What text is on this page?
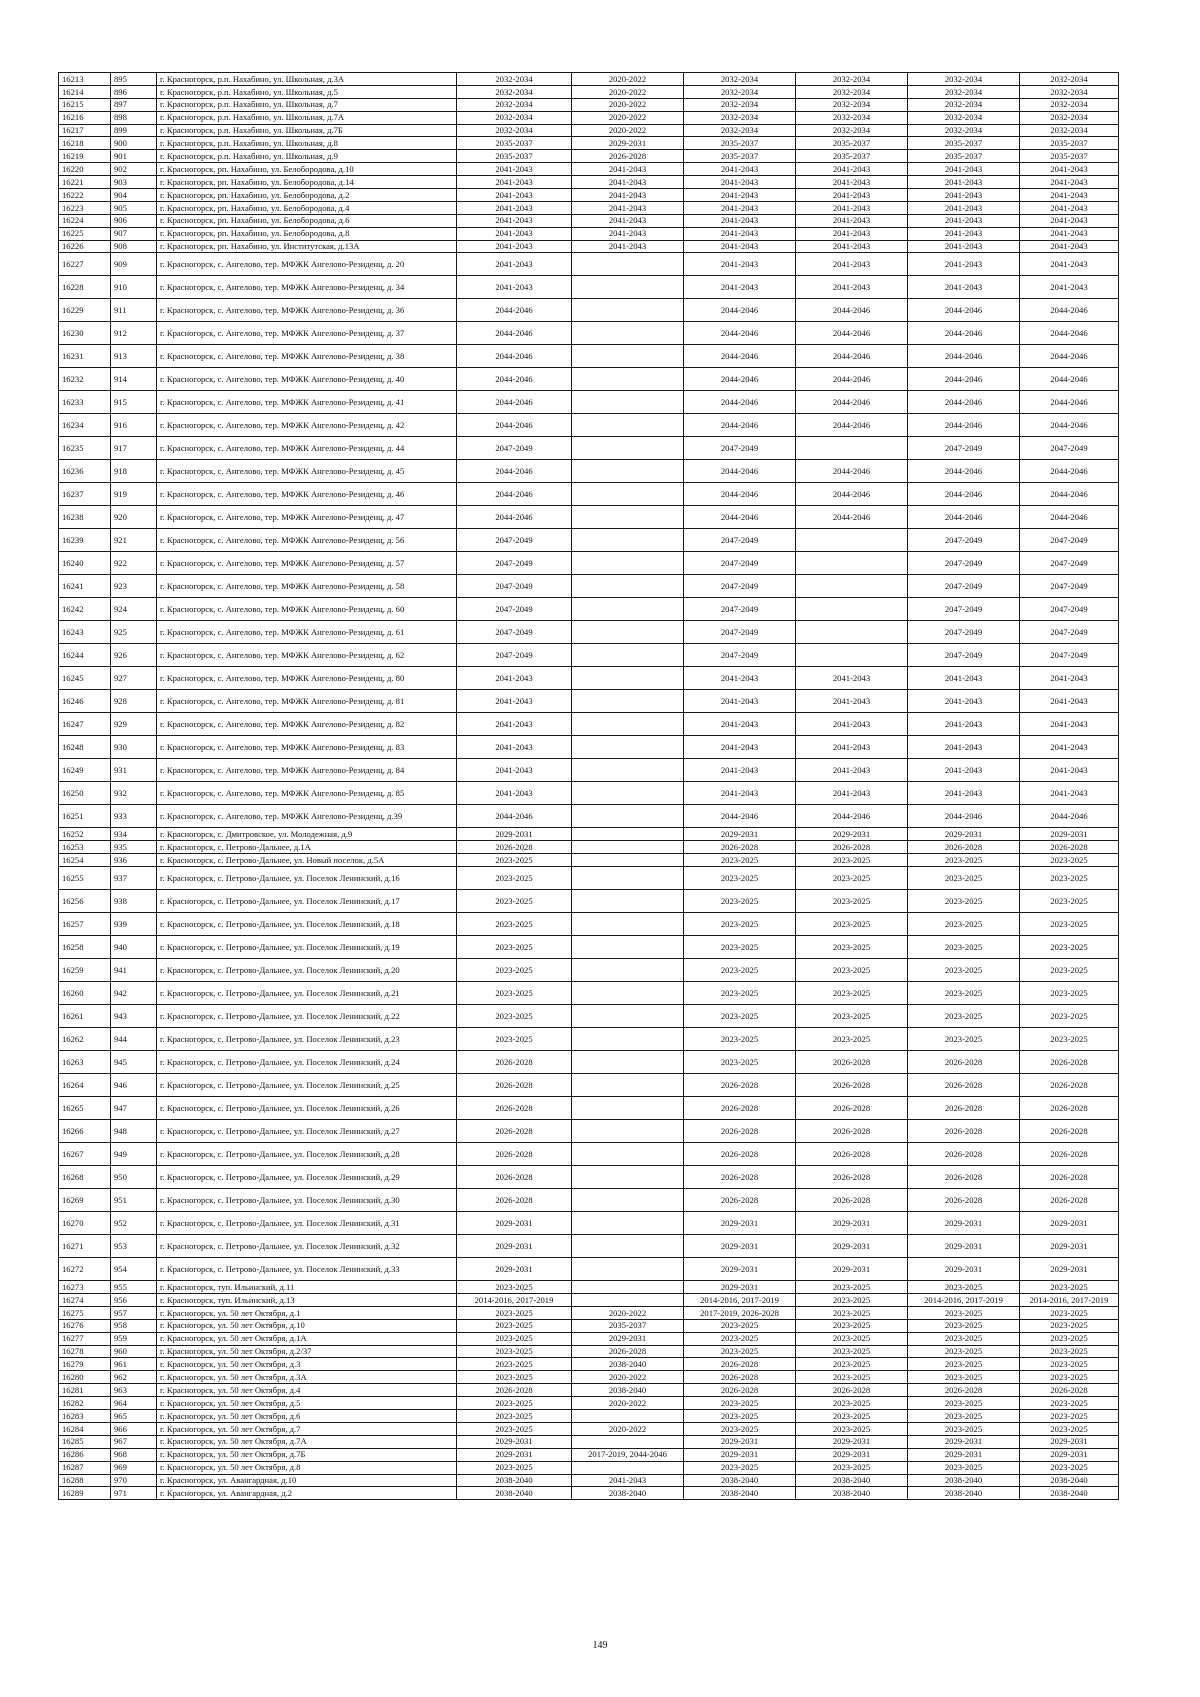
16213	895	г. Красногорск, р.п. Нахабино, ул. Школьная, д.3А	2032-2034	2020-2022	2032-2034	2032-2034	2032-2034	2032-2034
16214	896	г. Красногорск, р.п. Нахабино, ул. Школьная, д.5	2032-2034	2020-2022	2032-2034	2032-2034	2032-2034	2032-2034
16215	897	г. Красногорск, р.п. Нахабино, ул. Школьная, д.7	2032-2034	2020-2022	2032-2034	2032-2034	2032-2034	2032-2034
16216	898	г. Красногорск, р.п. Нахабино, ул. Школьная, д.7А	2032-2034	2020-2022	2032-2034	2032-2034	2032-2034	2032-2034
16217	899	г. Красногорск, р.п. Нахабино, ул. Школьная, д.7Б	2032-2034	2020-2022	2032-2034	2032-2034	2032-2034	2032-2034
16218	900	г. Красногорск, р.п. Нахабино, ул. Школьная, д.8	2035-2037	2029-2031	2035-2037	2035-2037	2035-2037	2035-2037
16219	901	г. Красногорск, р.п. Нахабино, ул. Школьная, д.9	2035-2037	2026-2028	2035-2037	2035-2037	2035-2037	2035-2037
16220	902	г. Красногорск, рп. Нахабино, ул. Белобородова, д.10	2041-2043	2041-2043	2041-2043	2041-2043	2041-2043	2041-2043
16221	903	г. Красногорск, рп. Нахабино, ул. Белобородова, д.14	2041-2043	2041-2043	2041-2043	2041-2043	2041-2043	2041-2043
16222	904	г. Красногорск, рп. Нахабино, ул. Белобородова, д.2	2041-2043	2041-2043	2041-2043	2041-2043	2041-2043	2041-2043
16223	905	г. Красногорск, рп. Нахабино, ул. Белобородова, д.4	2041-2043	2041-2043	2041-2043	2041-2043	2041-2043	2041-2043
16224	906	г. Красногорск, рп. Нахабино, ул. Белобородова, д.6	2041-2043	2041-2043	2041-2043	2041-2043	2041-2043	2041-2043
16225	907	г. Красногорск, рп. Нахабино, ул. Белобородова, д.8	2041-2043	2041-2043	2041-2043	2041-2043	2041-2043	2041-2043
16226	908	г. Красногорск, рп. Нахабино, ул. Институтская, д.13А	2041-2043	2041-2043	2041-2043	2041-2043	2041-2043	2041-2043
16227	909	г. Красногорск, с. Ангелово, тер. МФЖК Ангелово-Резиденц, д. 20	2041-2043		2041-2043	2041-2043	2041-2043	2041-2043
16228	910	г. Красногорск, с. Ангелово, тер. МФЖК Ангелово-Резиденц, д. 34	2041-2043		2041-2043	2041-2043	2041-2043	2041-2043
16229	911	г. Красногорск, с. Ангелово, тер. МФЖК Ангелово-Резиденц, д. 36	2044-2046		2044-2046	2044-2046	2044-2046	2044-2046
16230	912	г. Красногорск, с. Ангелово, тер. МФЖК Ангелово-Резиденц, д. 37	2044-2046		2044-2046	2044-2046	2044-2046	2044-2046
16231	913	г. Красногорск, с. Ангелово, тер. МФЖК Ангелово-Резиденц, д. 38	2044-2046		2044-2046	2044-2046	2044-2046	2044-2046
16232	914	г. Красногорск, с. Ангелово, тер. МФЖК Ангелово-Резиденц, д. 40	2044-2046		2044-2046	2044-2046	2044-2046	2044-2046
16233	915	г. Красногорск, с. Ангелово, тер. МФЖК Ангелово-Резиденц, д. 41	2044-2046		2044-2046	2044-2046	2044-2046	2044-2046
16234	916	г. Красногорск, с. Ангелово, тер. МФЖК Ангелово-Резиденц, д. 42	2044-2046		2044-2046	2044-2046	2044-2046	2044-2046
16235	917	г. Красногорск, с. Ангелово, тер. МФЖК Ангелово-Резиденц, д. 44	2047-2049		2047-2049		2047-2049	2047-2049
16236	918	г. Красногорск, с. Ангелово, тер. МФЖК Ангелово-Резиденц, д. 45	2044-2046		2044-2046	2044-2046	2044-2046	2044-2046
16237	919	г. Красногорск, с. Ангелово, тер. МФЖК Ангелово-Резиденц, д. 46	2044-2046		2044-2046	2044-2046	2044-2046	2044-2046
16238	920	г. Красногорск, с. Ангелово, тер. МФЖК Ангелово-Резиденц, д. 47	2044-2046		2044-2046	2044-2046	2044-2046	2044-2046
16239	921	г. Красногорск, с. Ангелово, тер. МФЖК Ангелово-Резиденц, д. 56	2047-2049		2047-2049		2047-2049	2047-2049
16240	922	г. Красногорск, с. Ангелово, тер. МФЖК Ангелово-Резиденц, д. 57	2047-2049		2047-2049		2047-2049	2047-2049
16241	923	г. Красногорск, с. Ангелово, тер. МФЖК Ангелово-Резиденц, д. 58	2047-2049		2047-2049		2047-2049	2047-2049
16242	924	г. Красногорск, с. Ангелово, тер. МФЖК Ангелово-Резиденц, д. 60	2047-2049		2047-2049		2047-2049	2047-2049
16243	925	г. Красногорск, с. Ангелово, тер. МФЖК Ангелово-Резиденц, д. 61	2047-2049		2047-2049		2047-2049	2047-2049
16244	926	г. Красногорск, с. Ангелово, тер. МФЖК Ангелово-Резиденц, д. 62	2047-2049		2047-2049		2047-2049	2047-2049
16245	927	г. Красногорск, с. Ангелово, тер. МФЖК Ангелово-Резиденц, д. 80	2041-2043		2041-2043	2041-2043	2041-2043	2041-2043
16246	928	г. Красногорск, с. Ангелово, тер. МФЖК Ангелово-Резиденц, д. 81	2041-2043		2041-2043	2041-2043	2041-2043	2041-2043
16247	929	г. Красногорск, с. Ангелово, тер. МФЖК Ангелово-Резиденц, д. 82	2041-2043		2041-2043	2041-2043	2041-2043	2041-2043
16248	930	г. Красногорск, с. Ангелово, тер. МФЖК Ангелово-Резиденц, д. 83	2041-2043		2041-2043	2041-2043	2041-2043	2041-2043
16249	931	г. Красногорск, с. Ангелово, тер. МФЖК Ангелово-Резиденц, д. 84	2041-2043		2041-2043	2041-2043	2041-2043	2041-2043
16250	932	г. Красногорск, с. Ангелово, тер. МФЖК Ангелово-Резиденц, д. 85	2041-2043		2041-2043	2041-2043	2041-2043	2041-2043
16251	933	г. Красногорск, с. Ангелово, тер. МФЖК Ангелово-Резиденц, д.39	2044-2046		2044-2046	2044-2046	2044-2046	2044-2046
16252	934	г. Красногорск, с. Дмитровское, ул. Молодежная, д.9	2029-2031		2029-2031	2029-2031	2029-2031	2029-2031
16253	935	г. Красногорск, с. Петрово-Дальнее, д.1А	2026-2028		2026-2028	2026-2028	2026-2028	2026-2028
16254	936	г. Красногорск, с. Петрово-Дальнее, ул. Новый поселок, д.5А	2023-2025		2023-2025	2023-2025	2023-2025	2023-2025
16255	937	г. Красногорск, с. Петрово-Дальнее, ул. Поселок Ленинский, д.16	2023-2025		2023-2025	2023-2025	2023-2025	2023-2025
16256	938	г. Красногорск, с. Петрово-Дальнее, ул. Поселок Ленинский, д.17	2023-2025		2023-2025	2023-2025	2023-2025	2023-2025
16257	939	г. Красногорск, с. Петрово-Дальнее, ул. Поселок Ленинский, д.18	2023-2025		2023-2025	2023-2025	2023-2025	2023-2025
16258	940	г. Красногорск, с. Петрово-Дальнее, ул. Поселок Ленинский, д.19	2023-2025		2023-2025	2023-2025	2023-2025	2023-2025
16259	941	г. Красногорск, с. Петрово-Дальнее, ул. Поселок Ленинский, д.20	2023-2025		2023-2025	2023-2025	2023-2025	2023-2025
16260	942	г. Красногорск, с. Петрово-Дальнее, ул. Поселок Ленинский, д.21	2023-2025		2023-2025	2023-2025	2023-2025	2023-2025
16261	943	г. Красногорск, с. Петрово-Дальнее, ул. Поселок Ленинский, д.22	2023-2025		2023-2025	2023-2025	2023-2025	2023-2025
16262	944	г. Красногорск, с. Петрово-Дальнее, ул. Поселок Ленинский, д.23	2023-2025		2023-2025	2023-2025	2023-2025	2023-2025
16263	945	г. Красногорск, с. Петрово-Дальнее, ул. Поселок Ленинский, д.24	2026-2028		2023-2025	2026-2028	2026-2028	2026-2028
16264	946	г. Красногорск, с. Петрово-Дальнее, ул. Поселок Ленинский, д.25	2026-2028		2026-2028	2026-2028	2026-2028	2026-2028
16265	947	г. Красногорск, с. Петрово-Дальнее, ул. Поселок Ленинский, д.26	2026-2028		2026-2028	2026-2028	2026-2028	2026-2028
16266	948	г. Красногорск, с. Петрово-Дальнее, ул. Поселок Ленинский, д.27	2026-2028		2026-2028	2026-2028	2026-2028	2026-2028
16267	949	г. Красногорск, с. Петрово-Дальнее, ул. Поселок Ленинский, д.28	2026-2028		2026-2028	2026-2028	2026-2028	2026-2028
16268	950	г. Красногорск, с. Петрово-Дальнее, ул. Поселок Ленинский, д.29	2026-2028		2026-2028	2026-2028	2026-2028	2026-2028
16269	951	г. Красногорск, с. Петрово-Дальнее, ул. Поселок Ленинский, д.30	2026-2028		2026-2028	2026-2028	2026-2028	2026-2028
16270	952	г. Красногорск, с. Петрово-Дальнее, ул. Поселок Ленинский, д.31	2029-2031		2029-2031	2029-2031	2029-2031	2029-2031
16271	953	г. Красногорск, с. Петрово-Дальнее, ул. Поселок Ленинский, д.32	2029-2031		2029-2031	2029-2031	2029-2031	2029-2031
16272	954	г. Красногорск, с. Петрово-Дальнее, ул. Поселок Ленинский, д.33	2029-2031		2029-2031	2029-2031	2029-2031	2029-2031
16273	955	г. Красногорск, туп. Ильинский, д.11	2023-2025		2029-2031	2023-2025	2023-2025	2023-2025
16274	956	г. Красногорск, туп. Ильинский, д.13	2014-2016, 2017-2019		2014-2016, 2017-2019	2023-2025	2014-2016, 2017-2019	2014-2016, 2017-2019
16275	957	г. Красногорск, ул. 50 лет Октября, д.1	2023-2025	2020-2022	2017-2019, 2026-2028	2023-2025	2023-2025	2023-2025
16276	958	г. Красногорск, ул. 50 лет Октября, д.10	2023-2025	2035-2037	2023-2025	2023-2025	2023-2025	2023-2025
16277	959	г. Красногорск, ул. 50 лет Октября, д.1А	2023-2025	2029-2031	2023-2025	2023-2025	2023-2025	2023-2025
16278	960	г. Красногорск, ул. 50 лет Октября, д.2/37	2023-2025	2026-2028	2023-2025	2023-2025	2023-2025	2023-2025
16279	961	г. Красногорск, ул. 50 лет Октября, д.3	2023-2025	2038-2040	2026-2028	2023-2025	2023-2025	2023-2025
16280	962	г. Красногорск, ул. 50 лет Октября, д.3А	2023-2025	2020-2022	2026-2028	2023-2025	2023-2025	2023-2025
16281	963	г. Красногорск, ул. 50 лет Октября, д.4	2026-2028	2038-2040	2026-2028	2026-2028	2026-2028	2026-2028
16282	964	г. Красногорск, ул. 50 лет Октября, д.5	2023-2025	2020-2022	2023-2025	2023-2025	2023-2025	2023-2025
16283	965	г. Красногорск, ул. 50 лет Октября, д.6	2023-2025		2023-2025	2023-2025	2023-2025	2023-2025
16284	966	г. Красногорск, ул. 50 лет Октября, д.7	2023-2025	2020-2022	2023-2025	2023-2025	2023-2025	2023-2025
16285	967	г. Красногорск, ул. 50 лет Октября, д.7А	2029-2031		2029-2031	2029-2031	2029-2031	2029-2031
16286	968	г. Красногорск, ул. 50 лет Октября, д.7Б	2029-2031	2017-2019, 2044-2046	2029-2031	2029-2031	2029-2031	2029-2031
16287	969	г. Красногорск, ул. 50 лет Октября, д.8	2023-2025		2023-2025	2023-2025	2023-2025	2023-2025
16288	970	г. Красногорск, ул. Авангардная, д.10	2038-2040	2041-2043	2038-2040	2038-2040	2038-2040	2038-2040
16289	971	г. Красногорск, ул. Авангардная, д.2	2038-2040	2038-2040	2038-2040	2038-2040	2038-2040	2038-2040
149
